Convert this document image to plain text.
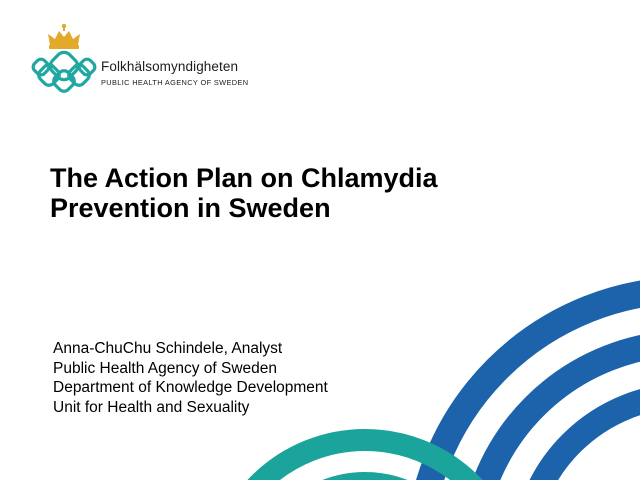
Folkhälsomyndigheten
PUBLIC HEALTH AGENCY OF SWEDEN
The Action Plan on Chlamydia
Prevention in Sweden
Anna-ChuChu Schindele, Analyst
Public Health Agency of Sweden
Department of Knowledge Development
Unit for Health and Sexuality
